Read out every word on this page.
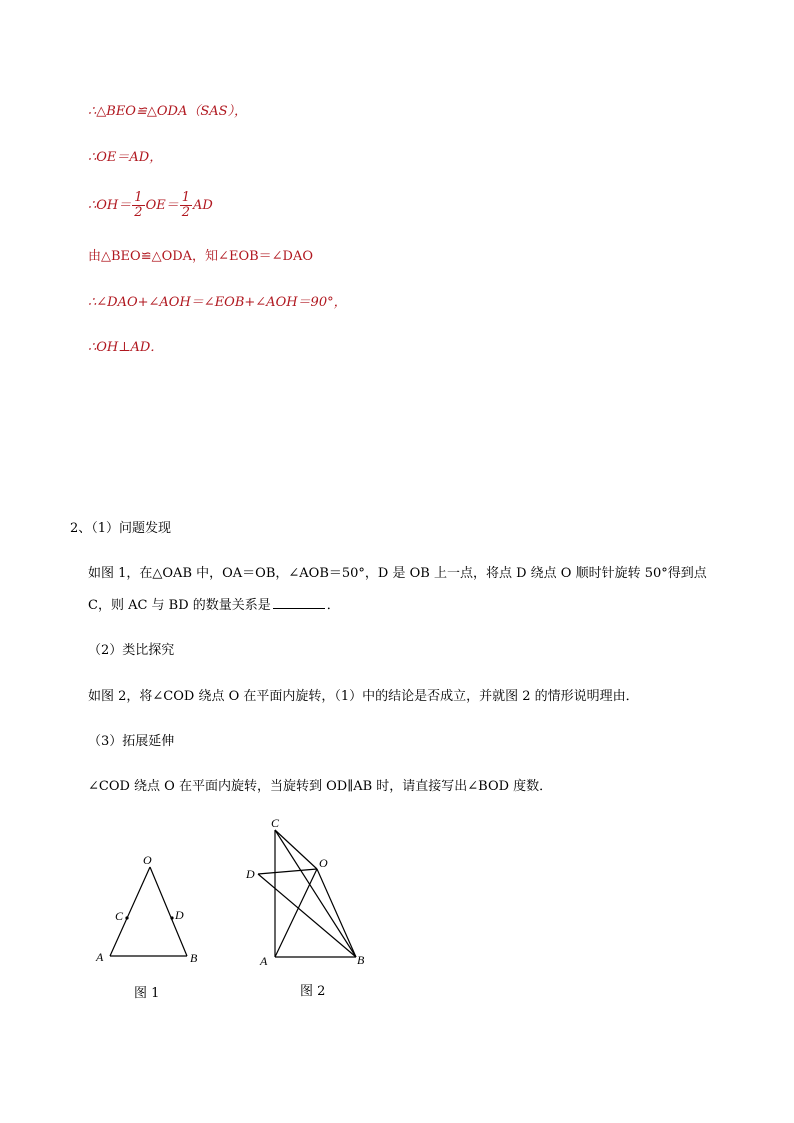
∴△BEO≌△ODA（SAS），
∴OE＝AD，
∴OH＝ $\frac{1}{2} OE= \frac{1}{2}$ AD
由△BEO≌△ODA，知∠EOB＝∠DAO
∴∠DAO+∠AOH＝∠EOB+∠AOH＝90°，
∴OH⊥AD．
2、（1）问题发现
如图 1，在△OAB 中，OA＝OB，∠AOB＝50°，D 是 OB 上一点，将点 D 绕点 O 顺时针旋转 50°得到点
C，则 AC 与 BD 的数量关系是	．
（2）类比探究
如图 2，将∠COD 绕点 O 在平面内旋转，（1）中的结论是否成立，并就图 2 的情形说明理由．
（3）拓展延伸
∠COD 绕点 O 在平面内旋转，当旋转到 OD∥AB 时，请直接写出∠BOD 度数．
O
A	B
C	D
图 1
C
D
O
A	B
图 2
